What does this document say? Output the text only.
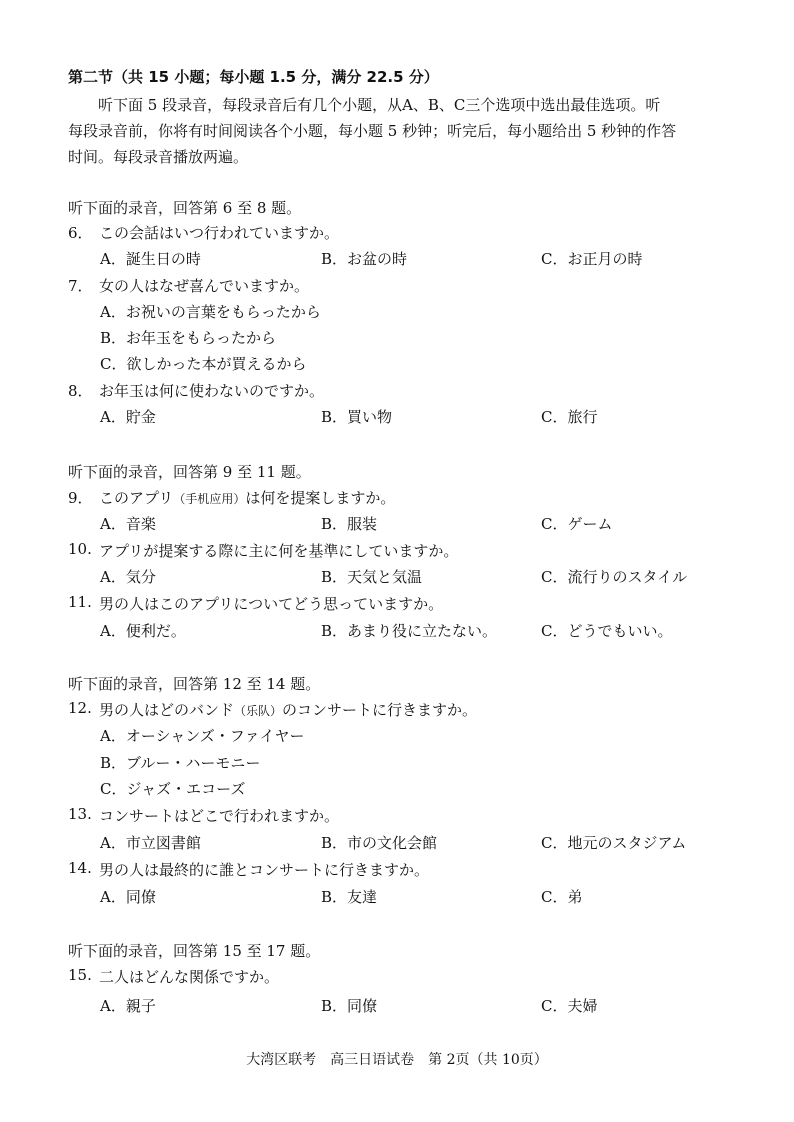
第二节（共 15 小题；每小题 1.5 分，满分 22.5 分）
听下面 5 段录音，每段录音后有几个小题，从A、B、C三个选项中选出最佳选项。听
每段录音前，你将有时间阅读各个小题，每小题 5 秒钟；听完后，每小题给出 5 秒钟的作答
时间。每段录音播放两遍。
听下面的录音，回答第 6 至 8 题。
6． この会話はいつ行われていますか。
A．誕生日の時	B．お盆の時	C．お正月の時
7． 女の人はなぜ喜んでいますか。
A．お祝いの言葉をもらったから
B．お年玉をもらったから
C．欲しかった本が買えるから
8． お年玉は何に使わないのですか。
A．貯金	B．買い物	C．旅行
听下面的录音，回答第 9 至 11 题。
9． このアプリ（手机应用）は何を提案しますか。
A．音楽	B．服装	C．ゲーム
10. アプリが提案する際に主に何を基準にしていますか。
A．気分	B．天気と気温	C．流行りのスタイル
11. 男の人はこのアプリについてどう思っていますか。
A．便利だ。	B．あまり役に立たない。	C．どうでもいい。
听下面的录音，回答第 12 至 14 题。
12. 男の人はどのバンド（乐队）のコンサートに行きますか。
A．オーシャンズ・ファイヤー
B．ブルー・ハーモニー
C．ジャズ・エコーズ
13. コンサートはどこで行われますか。
A．市立図書館	B．市の文化会館	C．地元のスタジアム
14. 男の人は最終的に誰とコンサートに行きますか。
A．同僚	B．友達	C．弟
听下面的录音，回答第 15 至 17 题。
15. 二人はどんな関係ですか。
A．親子	B．同僚	C．夫婦
大湾区联考　高三日语试卷　第 2页（共 10页）
